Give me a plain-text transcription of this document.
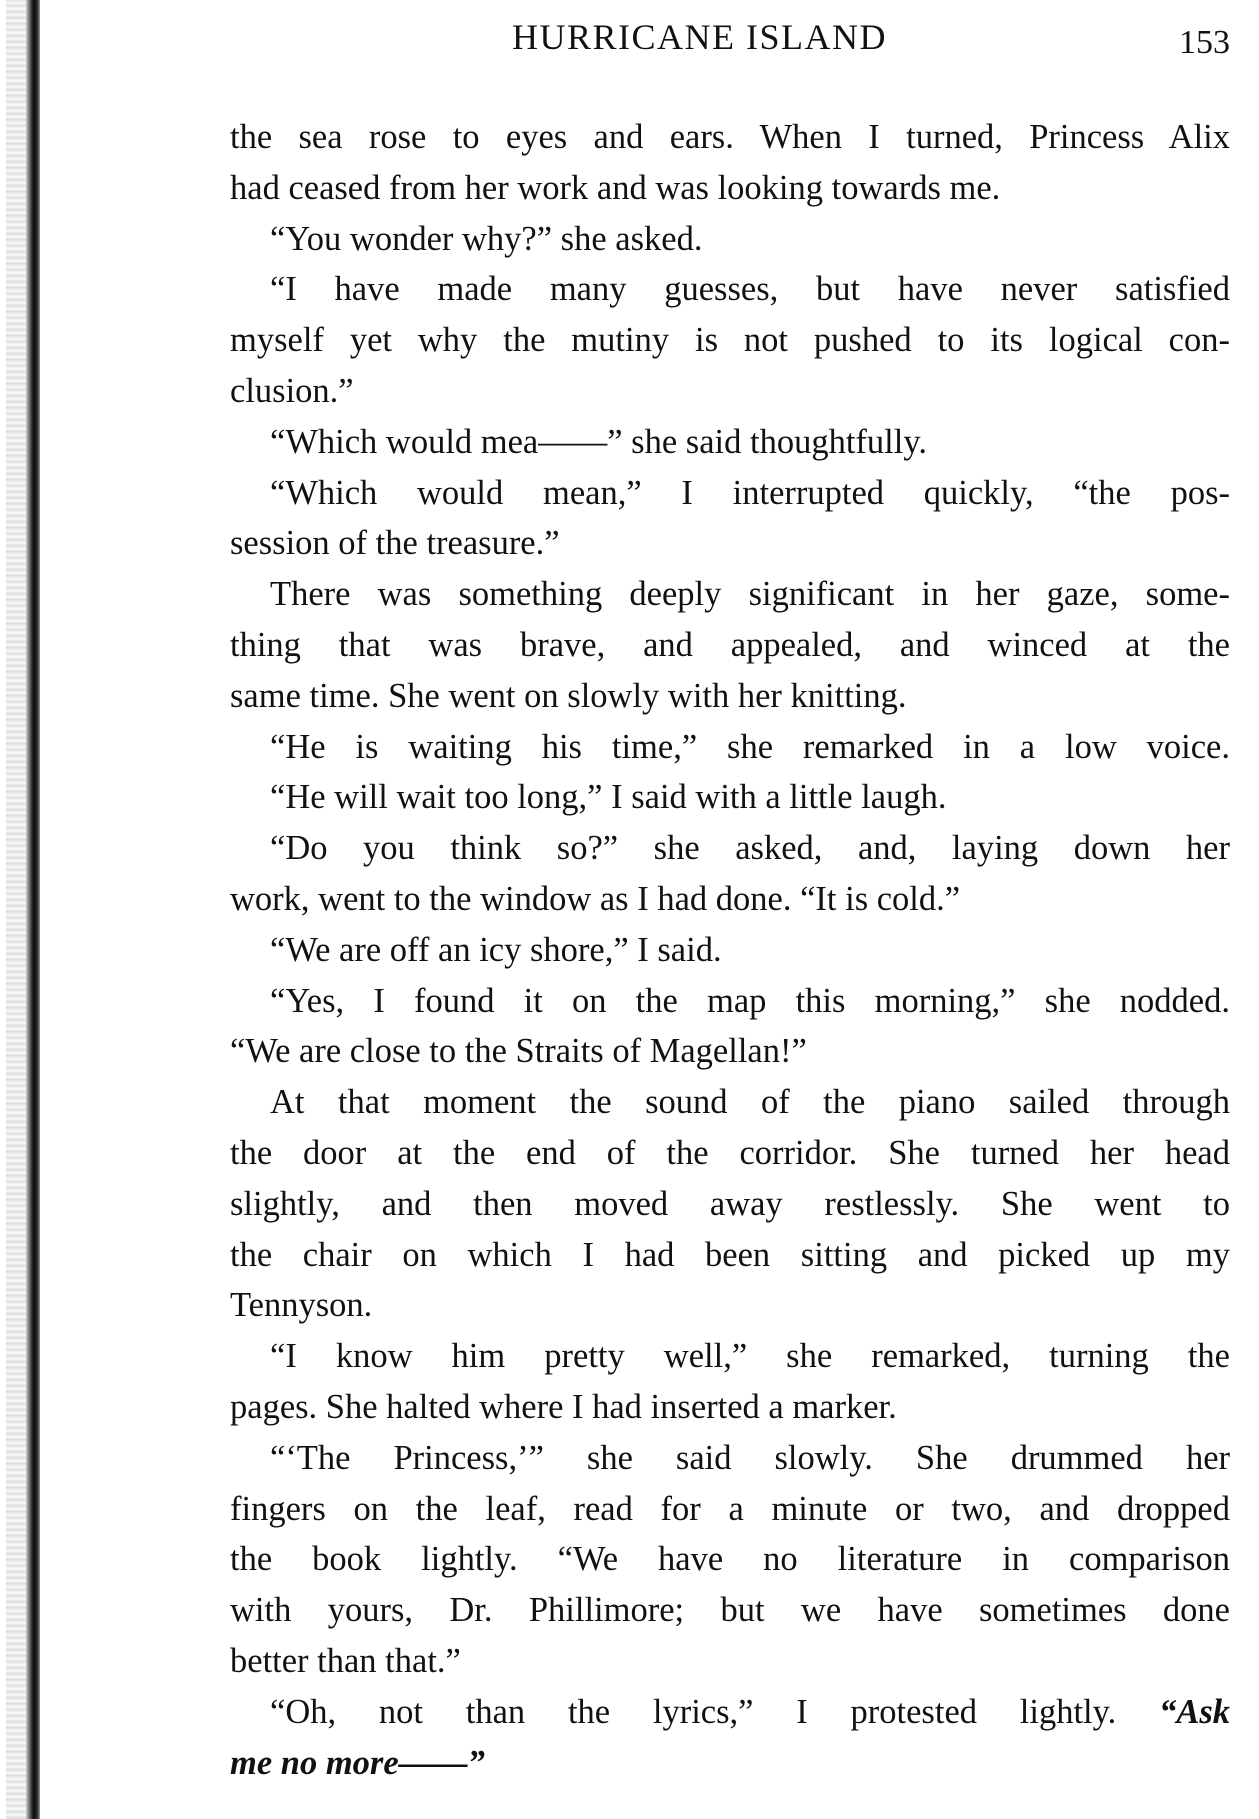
HURRICANE ISLAND	153
the sea rose to eyes and ears. When I turned, Princess Alix
had ceased from her work and was looking towards me.
“You wonder why?” she asked.
“I have made many guesses, but have never satisfied
myself yet why the mutiny is not pushed to its logical con-
clusion.”
“Which would mea——” she said thoughtfully.
“Which would mean,” I interrupted quickly, “the pos-
session of the treasure.”
There was something deeply significant in her gaze, some-
thing that was brave, and appealed, and winced at the
same time. She went on slowly with her knitting.
“He is waiting his time,” she remarked in a low voice.
“He will wait too long,” I said with a little laugh.
“Do you think so?” she asked, and, laying down her
work, went to the window as I had done. “It is cold.”
“We are off an icy shore,” I said.
“Yes, I found it on the map this morning,” she nodded.
“We are close to the Straits of Magellan!”
At that moment the sound of the piano sailed through
the door at the end of the corridor. She turned her head
slightly, and then moved away restlessly. She went to
the chair on which I had been sitting and picked up my
Tennyson.
“I know him pretty well,” she remarked, turning the
pages. She halted where I had inserted a marker.
“‘The Princess,’” she said slowly. She drummed her
fingers on the leaf, read for a minute or two, and dropped
the book lightly. “We have no literature in comparison
with yours, Dr. Phillimore; but we have sometimes done
better than that.”
“Oh, not than the lyrics,” I protested lightly. “Ask
me no more——”
